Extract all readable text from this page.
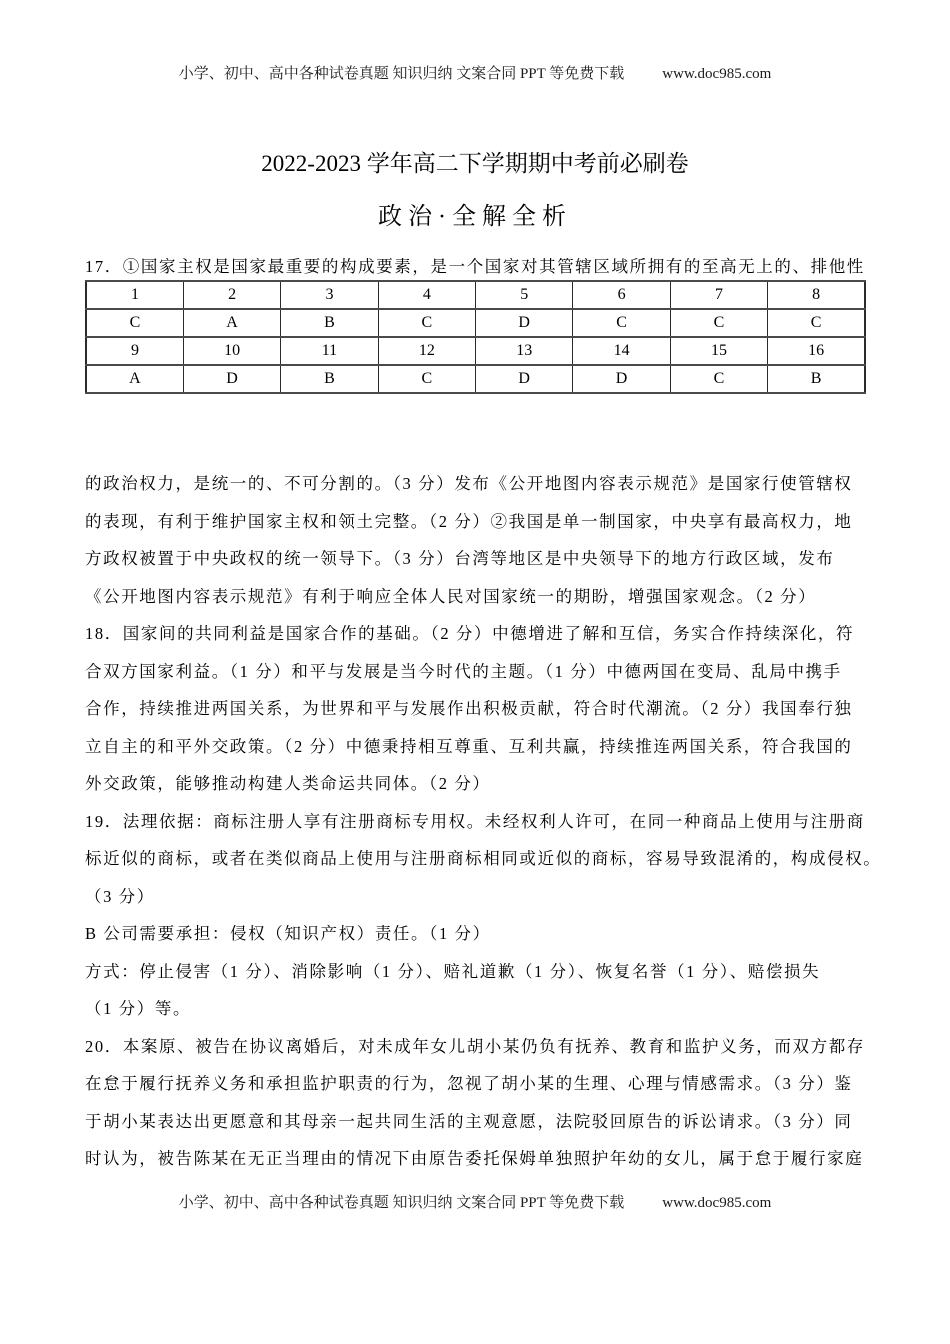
小学、初中、高中各种试卷真题 知识归纳 文案合同 PPT 等免费下载	www.doc985.com
2022-2023 学年高二下学期期中考前必刷卷
政治·全解全析
17．①国家主权是国家最重要的构成要素，是一个国家对其管辖区域所拥有的至高无上的、排他性
1	2	3	4	5	6	7	8
C	A	B	C	D	C	C	C
9	10	11	12	13	14	15	16
A	D	B	C	D	D	C	B
的政治权力，是统一的、不可分割的。（3 分）发布《公开地图内容表示规范》是国家行使管辖权
的表现，有利于维护国家主权和领土完整。（2 分）②我国是单一制国家，中央享有最高权力，地
方政权被置于中央政权的统一领导下。（3 分）台湾等地区是中央领导下的地方行政区域，发布
《公开地图内容表示规范》有利于响应全体人民对国家统一的期盼，增强国家观念。（2 分）
18．国家间的共同利益是国家合作的基础。（2 分）中德增进了解和互信，务实合作持续深化，符
合双方国家利益。（1 分）和平与发展是当今时代的主题。（1 分）中德两国在变局、乱局中携手
合作，持续推进两国关系，为世界和平与发展作出积极贡献，符合时代潮流。（2 分）我国奉行独
立自主的和平外交政策。（2 分）中德秉持相互尊重、互利共赢，持续推连两国关系，符合我国的
外交政策，能够推动构建人类命运共同体。（2 分）
19．法理依据：商标注册人享有注册商标专用权。未经权利人许可，在同一种商品上使用与注册商
标近似的商标，或者在类似商品上使用与注册商标相同或近似的商标，容易导致混淆的，构成侵权。
（3 分）
B 公司需要承担：侵权（知识产权）责任。（1 分）
方式：停止侵害（1 分）、消除影响（1 分）、赔礼道歉（1 分）、恢复名誉（1 分）、赔偿损失
（1 分）等。
20．本案原、被告在协议离婚后，对未成年女儿胡小某仍负有抚养、教育和监护义务，而双方都存
在怠于履行抚养义务和承担监护职责的行为，忽视了胡小某的生理、心理与情感需求。（3 分）鉴
于胡小某表达出更愿意和其母亲一起共同生活的主观意愿，法院驳回原告的诉讼请求。（3 分）同
时认为，被告陈某在无正当理由的情况下由原告委托保姆单独照护年幼的女儿，属于怠于履行家庭
小学、初中、高中各种试卷真题 知识归纳 文案合同 PPT 等免费下载	www.doc985.com
